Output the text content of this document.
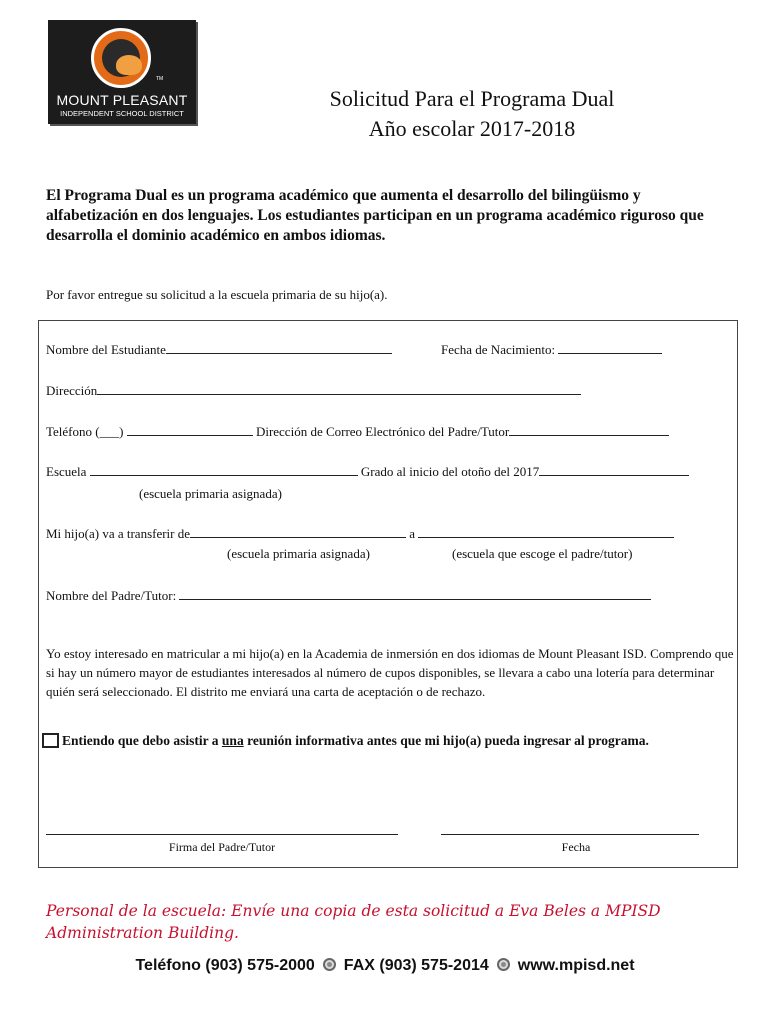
TM
MOUNT PLEASANT
INDEPENDENT SCHOOL DISTRICT
Solicitud Para el Programa Dual
Año escolar 2017-2018
El Programa Dual es un programa académico que aumenta el desarrollo del bilingüismo y alfabetización en dos lenguajes. Los estudiantes participan en un programa académico riguroso que desarrolla el dominio académico en ambos idiomas.
Por favor entregue su solicitud a la escuela primaria de su hijo(a).
Nombre del Estudiante	Fecha de Nacimiento:
Dirección
Teléfono (___)	Dirección de Correo Electrónico del Padre/Tutor
Escuela	Grado al inicio del otoño del 2017
(escuela primaria asignada)
Mi hijo(a) va a transferir de	a
(escuela primaria asignada)	(escuela que escoge el padre/tutor)
Nombre del Padre/Tutor:
Yo estoy interesado en matricular a mi hijo(a) en la Academia de inmersión en dos idiomas de Mount Pleasant ISD. Comprendo que si hay un número mayor de estudiantes interesados al número de cupos disponibles, se llevara a cabo una lotería para determinar quién será seleccionado. El distrito me enviará una carta de aceptación o de rechazo.
Entiendo que debo asistir a una reunión informativa antes que mi hijo(a) pueda ingresar al programa.
Firma del Padre/Tutor	Fecha
Personal de la escuela: Envíe una copia de esta solicitud a Eva Beles a MPISD Administration Building.
Teléfono (903) 575-2000 FAX (903) 575-2014 www.mpisd.net
